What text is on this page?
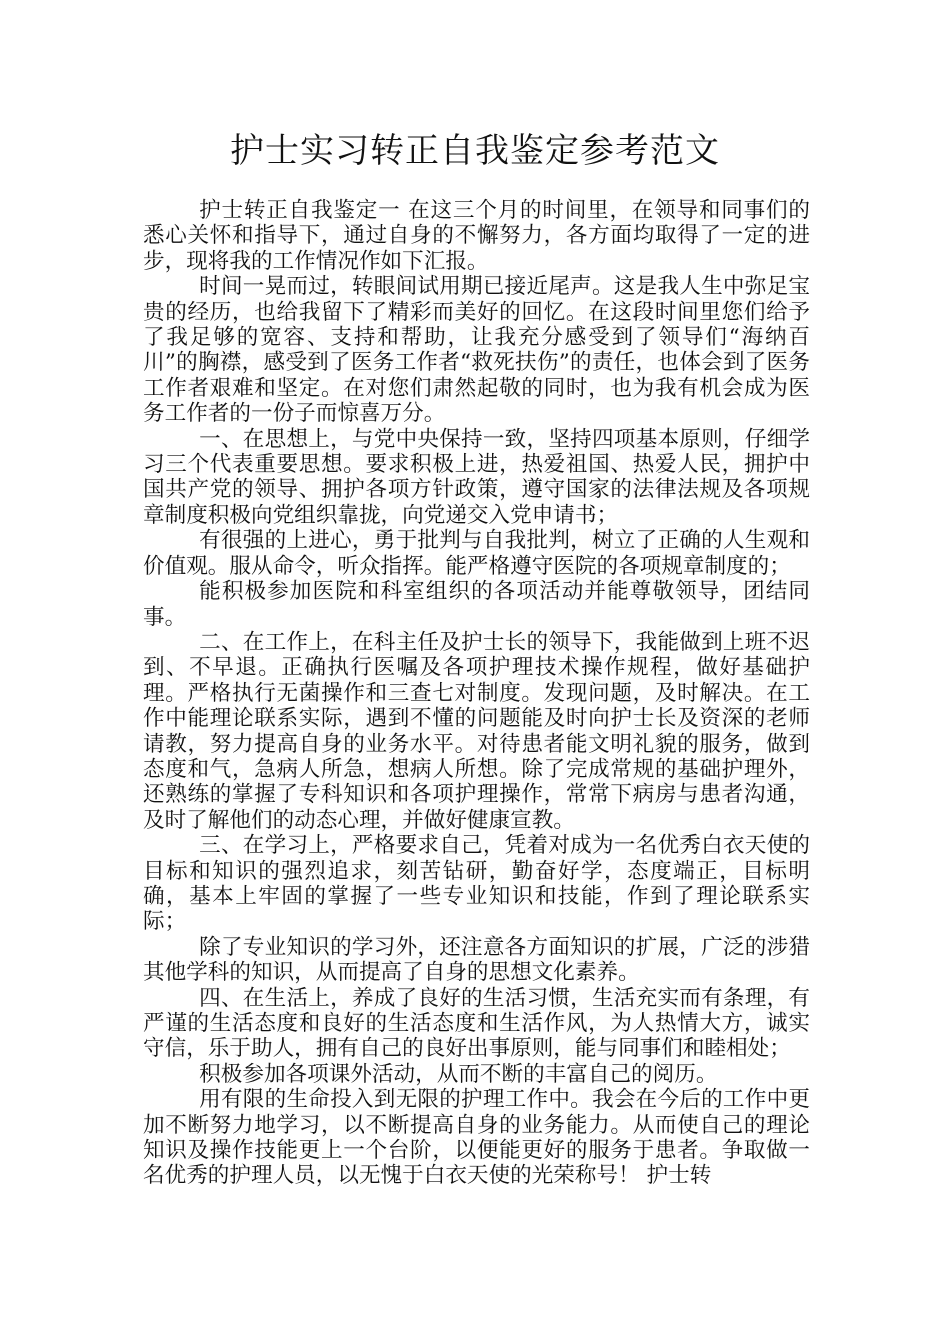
护士实习转正自我鉴定参考范文

护士转正自我鉴定一 在这三个月的时间里，在领导和同事们的悉心关怀和指导下，通过自身的不懈努力，各方面均取得了一定的进步，现将我的工作情况作如下汇报。

时间一晃而过，转眼间试用期已接近尾声。这是我人生中弥足宝贵的经历，也给我留下了精彩而美好的回忆。在这段时间里您们给予了我足够的宽容、支持和帮助，让我充分感受到了领导们“海纳百川”的胸襟，感受到了医务工作者“救死扶伤”的责任，也体会到了医务工作者艰难和坚定。在对您们肃然起敬的同时，也为我有机会成为医务工作者的一份子而惊喜万分。

一、在思想上，与党中央保持一致，坚持四项基本原则，仔细学习三个代表重要思想。要求积极上进，热爱祖国、热爱人民，拥护中国共产党的领导、拥护各项方针政策，遵守国家的法律法规及各项规章制度积极向党组织靠拢，向党递交入党申请书；

有很强的上进心，勇于批判与自我批判，树立了正确的人生观和价值观。服从命令，听众指挥。能严格遵守医院的各项规章制度的；

能积极参加医院和科室组织的各项活动并能尊敬领导，团结同事。

二、在工作上，在科主任及护士长的领导下，我能做到上班不迟到、不早退。正确执行医嘱及各项护理技术操作规程，做好基础护理。严格执行无菌操作和三查七对制度。发现问题，及时解决。在工作中能理论联系实际，遇到不懂的问题能及时向护士长及资深的老师请教，努力提高自身的业务水平。对待患者能文明礼貌的服务，做到态度和气，急病人所急，想病人所想。除了完成常规的基础护理外，还熟练的掌握了专科知识和各项护理操作，常常下病房与患者沟通，及时了解他们的动态心理，并做好健康宣教。

三、在学习上，严格要求自己，凭着对成为一名优秀白衣天使的目标和知识的强烈追求，刻苦钻研，勤奋好学，态度端正，目标明确，基本上牢固的掌握了一些专业知识和技能，作到了理论联系实际；

除了专业知识的学习外，还注意各方面知识的扩展，广泛的涉猎其他学科的知识，从而提高了自身的思想文化素养。

四、在生活上，养成了良好的生活习惯，生活充实而有条理，有严谨的生活态度和良好的生活态度和生活作风，为人热情大方，诚实守信，乐于助人，拥有自己的良好出事原则，能与同事们和睦相处；

积极参加各项课外活动，从而不断的丰富自己的阅历。

用有限的生命投入到无限的护理工作中。我会在今后的工作中更加不断努力地学习，以不断提高自身的业务能力。从而使自己的理论知识及操作技能更上一个台阶，以便能更好的服务于患者。争取做一名优秀的护理人员，以无愧于白衣天使的光荣称号！ 护士转
